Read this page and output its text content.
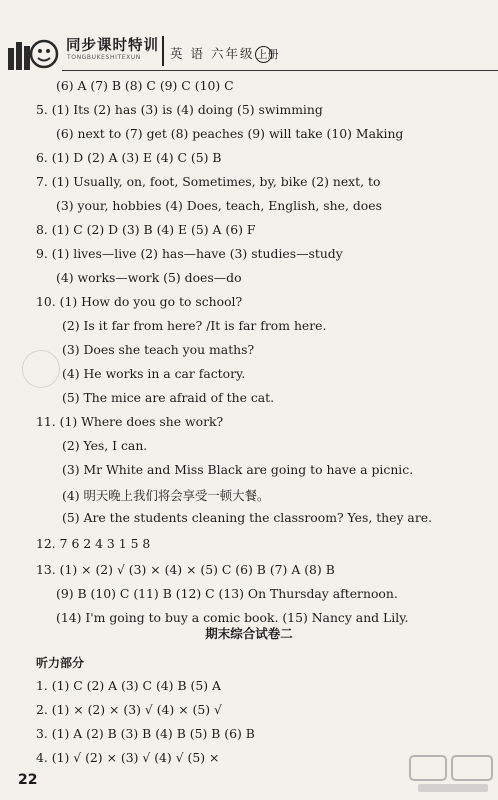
同步课时特训
TONGBUKESHITEXUN 英 语 六年级 上册
(6) A (7) B (8) C (9) C (10) C
5. (1) Its (2) has (3) is (4) doing (5) swimming
(6) next to (7) get (8) peaches (9) will take (10) Making
6. (1) D (2) A (3) E (4) C (5) B
7. (1) Usually, on, foot, Sometimes, by, bike (2) next, to
(3) your, hobbies (4) Does, teach, English, she, does
8. (1) C (2) D (3) B (4) E (5) A (6) F
9. (1) lives—live (2) has—have (3) studies—study
(4) works—work (5) does—do
10. (1) How do you go to school?
(2) Is it far from here? /It is far from here.
(3) Does she teach you maths?
(4) He works in a car factory.
(5) The mice are afraid of the cat.
11. (1) Where does she work?
(2) Yes, I can.
(3) Mr White and Miss Black are going to have a picnic.
(4) 明天晚上我们将会享受一顿大餐。
(5) Are the students cleaning the classroom? Yes, they are.
12. 7 6 2 4 3 1 5 8
13. (1) × (2) √ (3) × (4) × (5) C (6) B (7) A (8) B
(9) B (10) C (11) B (12) C (13) On Thursday afternoon.
(14) I'm going to buy a comic book. (15) Nancy and Lily.
期末综合试卷二
听力部分
1. (1) C (2) A (3) C (4) B (5) A
2. (1) × (2) × (3) √ (4) × (5) √
3. (1) A (2) B (3) B (4) B (5) B (6) B
4. (1) √ (2) × (3) √ (4) √ (5) ×
22
